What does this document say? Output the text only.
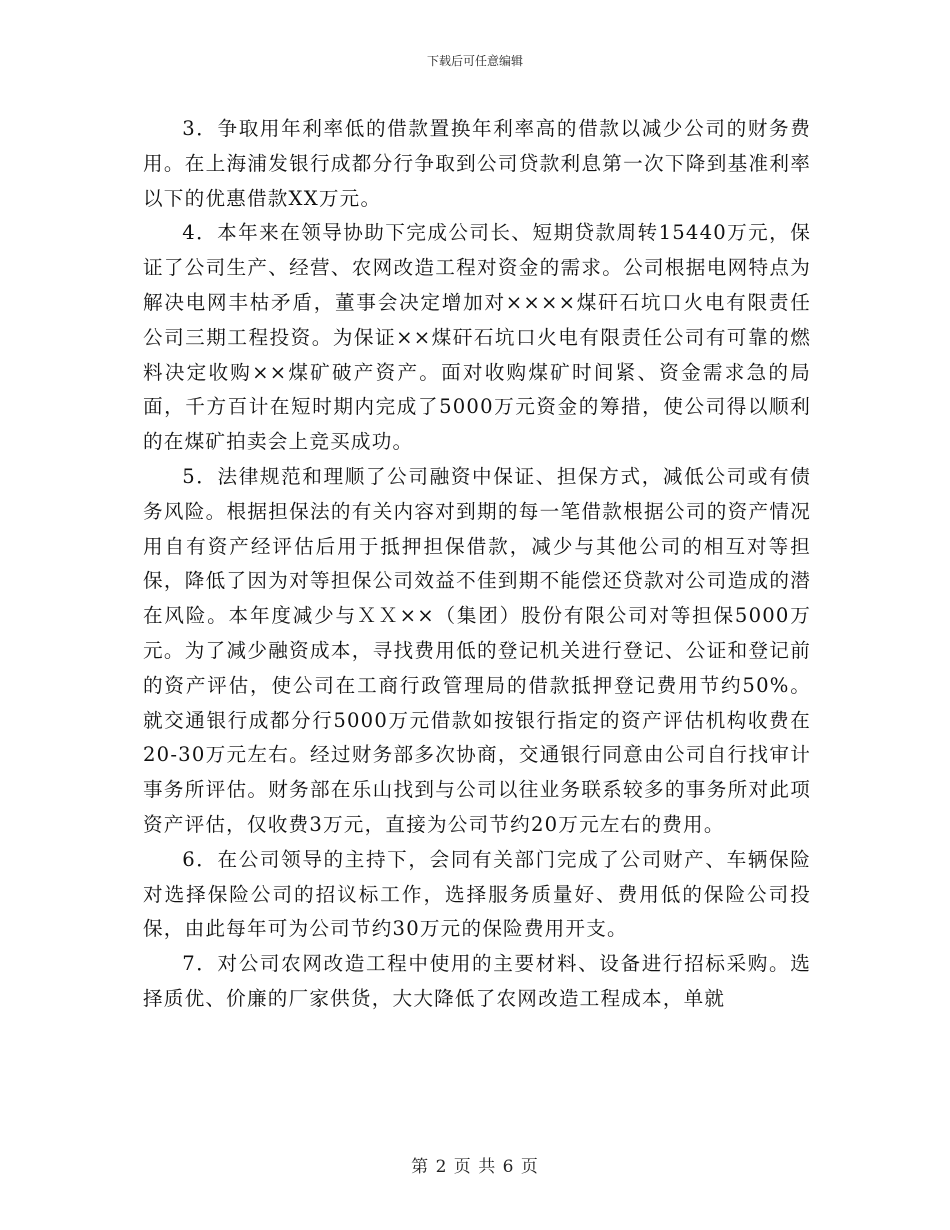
下载后可任意编辑

3．争取用年利率低的借款置换年利率高的借款以减少公司的财务费用。在上海浦发银行成都分行争取到公司贷款利息第一次下降到基准利率以下的优惠借款XX万元。

4．本年来在领导协助下完成公司长、短期贷款周转15440万元，保证了公司生产、经营、农网改造工程对资金的需求。公司根据电网特点为解决电网丰枯矛盾，董事会决定增加对××××煤矸石坑口火电有限责任公司三期工程投资。为保证××煤矸石坑口火电有限责任公司有可靠的燃料决定收购××煤矿破产资产。面对收购煤矿时间紧、资金需求急的局面，千方百计在短时期内完成了5000万元资金的筹措，使公司得以顺利的在煤矿拍卖会上竞买成功。

5．法律规范和理顺了公司融资中保证、担保方式，减低公司或有债务风险。根据担保法的有关内容对到期的每一笔借款根据公司的资产情况用自有资产经评估后用于抵押担保借款，减少与其他公司的相互对等担保，降低了因为对等担保公司效益不佳到期不能偿还贷款对公司造成的潜在风险。本年度减少与ＸＸ××（集团）股份有限公司对等担保5000万元。为了减少融资成本，寻找费用低的登记机关进行登记、公证和登记前的资产评估，使公司在工商行政管理局的借款抵押登记费用节约50%。就交通银行成都分行5000万元借款如按银行指定的资产评估机构收费在20-30万元左右。经过财务部多次协商，交通银行同意由公司自行找审计事务所评估。财务部在乐山找到与公司以往业务联系较多的事务所对此项资产评估，仅收费3万元，直接为公司节约20万元左右的费用。

6．在公司领导的主持下，会同有关部门完成了公司财产、车辆保险对选择保险公司的招议标工作，选择服务质量好、费用低的保险公司投保，由此每年可为公司节约30万元的保险费用开支。

7．对公司农网改造工程中使用的主要材料、设备进行招标采购。选择质优、价廉的厂家供货，大大降低了农网改造工程成本，单就

第 2 页 共 6 页
